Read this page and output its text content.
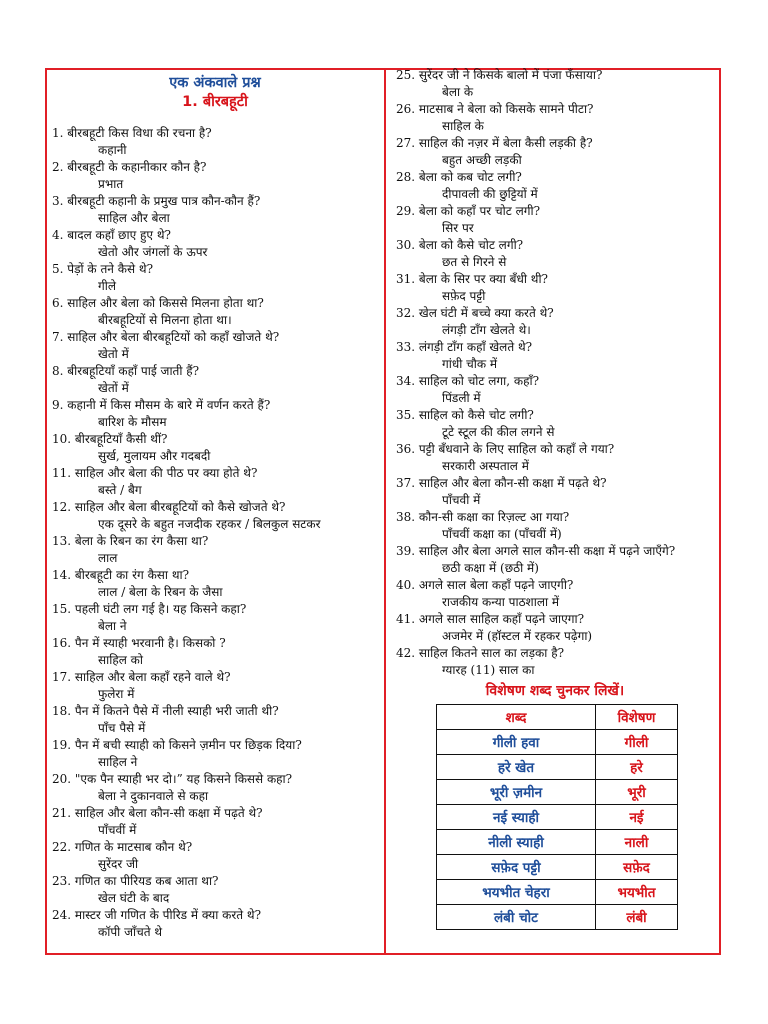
एक अंकवाले प्रश्न
1. बीरबहूटी
1. बीरबहूटी किस विधा की रचना है?
कहानी
2. बीरबहूटी के कहानीकार कौन है?
प्रभात
3. बीरबहूटी कहानी के प्रमुख पात्र कौन-कौन हैं?
साहिल और बेला
4. बादल कहाँ छाए हुए थे?
खेतो और जंगलों के ऊपर
5. पेड़ों के तने कैसे थे?
गीले
6. साहिल और बेला को किससे मिलना होता था?
बीरबहूटियों से मिलना होता था।
7. साहिल और बेला बीरबहूटियों को कहाँ खोजते थे?
खेतो में
8. बीरबहूटियाँ कहाँ पाई जाती हैं?
खेतों में
9. कहानी में किस मौसम के बारे में वर्णन करते हैं?
बारिश के मौसम
10. बीरबहूटियाँ कैसी थीं?
सुर्ख, मुलायम और गदबदी
11. साहिल और बेला की पीठ पर क्या होते थे?
बस्ते / बैग
12. साहिल और बेला बीरबहूटियों को कैसे खोजते थे?
एक दूसरे के बहुत नजदीक रहकर / बिलकुल सटकर
13. बेला के रिबन का रंग कैसा था?
लाल
14. बीरबहूटी का रंग कैसा था?
लाल / बेला के रिबन के जैसा
15. पहली घंटी लग गई है। यह किसने कहा?
बेला ने
16. पैन में स्याही भरवानी है। किसको ?
साहिल को
17. साहिल और बेला कहाँ रहने वाले थे?
फुलेरा में
18. पैन में कितने पैसे में नीली स्याही भरी जाती थी?
पाँच पैसे में
19. पैन में बची स्याही को किसने ज़मीन पर छिड़क दिया?
साहिल ने
20. "एक पैन स्याही भर दो।” यह किसने किससे कहा?
बेला ने दुकानवाले से कहा
21. साहिल और बेला कौन-सी कक्षा में पढ़ते थे?
पाँचवीं में
22. गणित के माटसाब कौन थे?
सुरेंदर जी
23. गणित का पीरियड कब आता था?
खेल घंटी के बाद
24. मास्टर जी गणित के पीरिड में क्या करते थे?
कॉपी जाँचते थे
25. सुरेंदर जी ने किसके बालो में पंजा फँसाया?
बेला के
26. माटसाब ने बेला को किसके सामने पीटा?
साहिल के
27. साहिल की नज़र में बेला कैसी लड़की है?
बहुत अच्छी लड़की
28. बेला को कब चोट लगी?
दीपावली की छुट्टियों में
29. बेला को कहाँ पर चोट लगी?
सिर पर
30. बेला को कैसे चोट लगी?
छत से गिरने से
31. बेला के सिर पर क्या बँधी थी?
सफ़ेद पट्टी
32. खेल घंटी में बच्चे क्या करते थे?
लंगड़ी टाँग खेलते थे।
33. लंगड़ी टाँग कहाँ खेलते थे?
गांधी चौक में
34. साहिल को चोट लगा, कहाँ?
पिंडली में
35. साहिल को कैसे चोट लगी?
टूटे स्टूल की कील लगने से
36. पट्टी बँधवाने के लिए साहिल को कहाँ ले गया?
सरकारी अस्पताल में
37. साहिल और बेला कौन-सी कक्षा में पढ़ते थे?
पाँचवी में
38. कौन-सी कक्षा का रिज़ल्ट आ गया?
पाँचवीं कक्षा का (पाँचवीं में)
39. साहिल और बेला अगले साल कौन-सी कक्षा में पढ़ने जाएँगे?
छठी कक्षा में (छठी में)
40. अगले साल बेला कहाँ पढ़ने जाएगी?
राजकीय कन्या पाठशाला में
41. अगले साल साहिल कहाँ पढ़ने जाएगा?
अजमेर में (हॉस्टल में रहकर पढ़ेगा)
42. साहिल कितने साल का लड़का है?
ग्यारह (11) साल का
विशेषण शब्द चुनकर लिखें।
शब्द	विशेषण
गीली हवा	गीली
हरे खेत	हरे
भूरी ज़मीन	भूरी
नई स्याही	नई
नीली स्याही	नाली
सफ़ेद पट्टी	सफ़ेद
भयभीत चेहरा	भयभीत
लंबी चोट	लंबी
